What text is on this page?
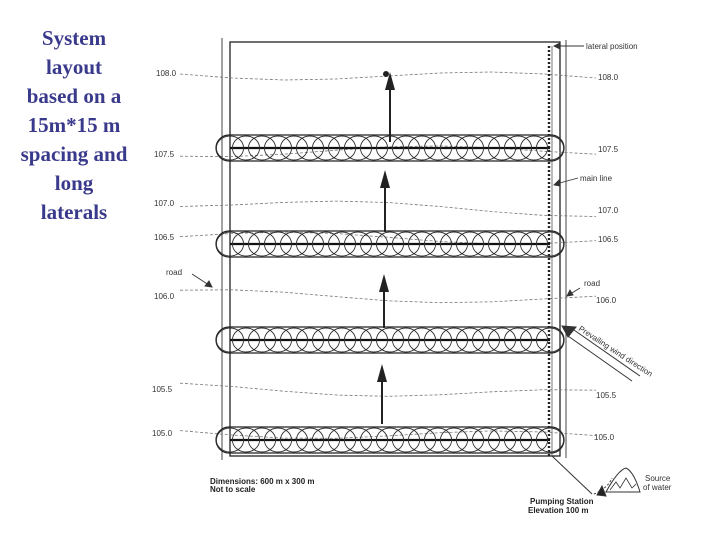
System
layout
based on a
15m*15 m
spacing and
long
laterals
Prevailing wind direction
lateral position
main line
road
road
Source
of water
Pumping Station
Elevation 100 m
Dimensions: 600 m x 300 m
Not to scale
108.0
107.5
107.0
106.5
106.0
105.5
105.0
108.0
107.5
107.0
106.5
106.0
105.5
105.0
